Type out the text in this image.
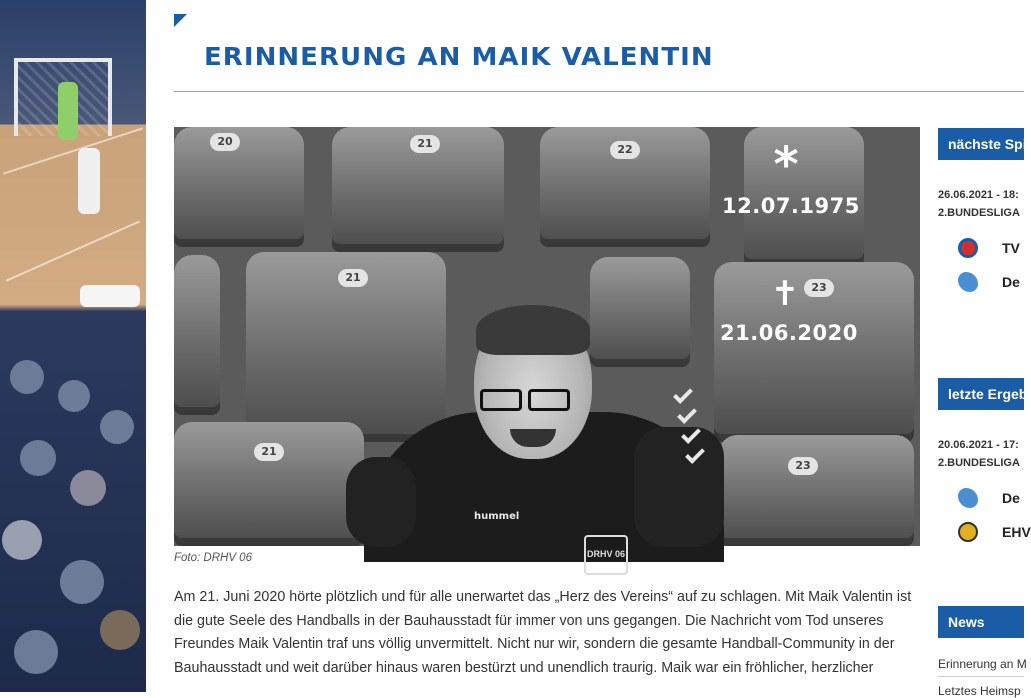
ERINNERUNG AN MAIK VALENTIN
20	21	22
21
23
21
23
hummel
DRHV 06
*
12.07.1975
✝
21.06.2020
Foto: DRHV 06

Am 21. Juni 2020 hörte plötzlich und für alle unerwartet das „Herz des Vereins“ auf zu schlagen. Mit Maik Valentin ist die gute Seele des Handballs in der Bauhausstadt für immer von uns gegangen. Die Nachricht vom Tod unseres Freundes Maik Valentin traf uns völlig unvermittelt. Nicht nur wir, sondern die gesamte Handball-Community in der Bauhausstadt und weit darüber hinaus waren bestürzt und unendlich traurig. Maik war ein fröhlicher, herzlicher

nächste Spi
26.06.2021 - 18:
2.BUNDESLIGA
TV
De
letzte Ergeb
20.06.2021 - 17:
2.BUNDESLIGA
De
EHV
News
Erinnerung an M
Letztes Heimsp
